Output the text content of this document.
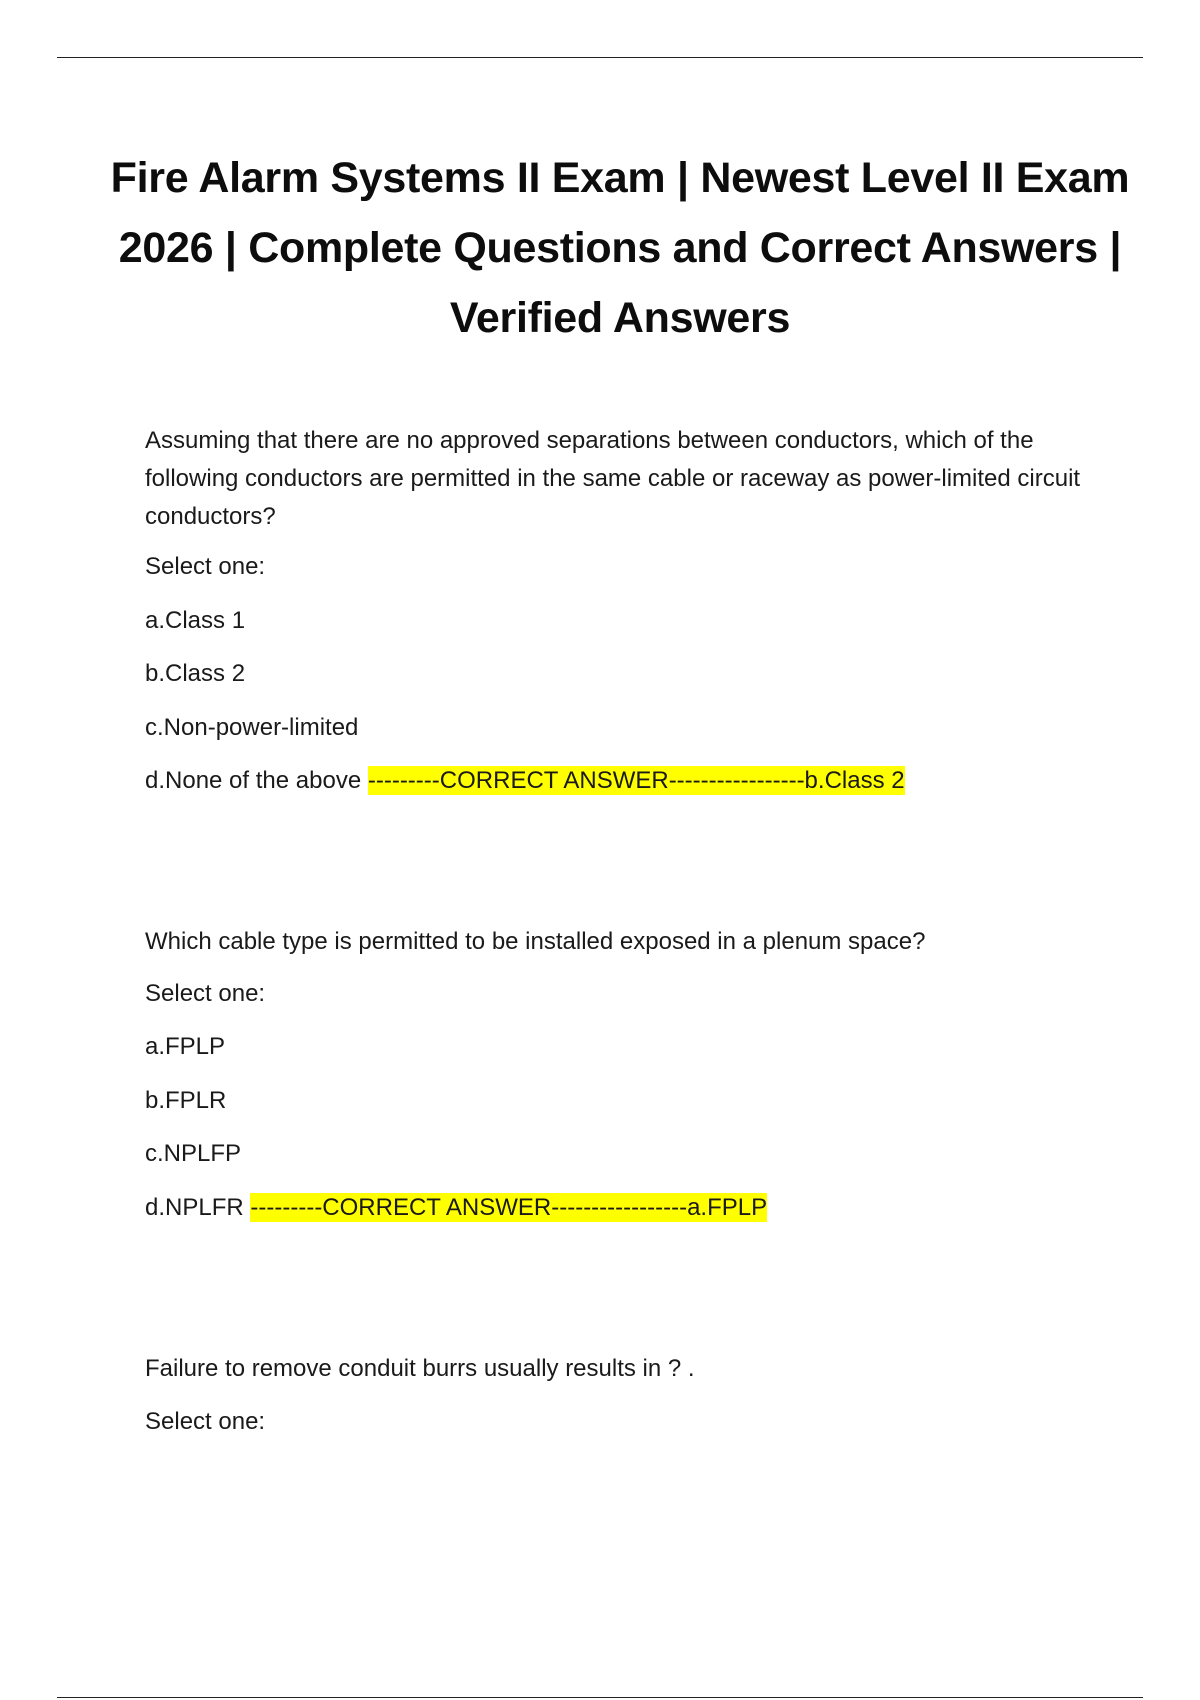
Fire Alarm Systems II Exam | Newest Level II Exam 2026 | Complete Questions and Correct Answers | Verified Answers

Assuming that there are no approved separations between conductors, which of the following conductors are permitted in the same cable or raceway as power-limited circuit conductors?

Select one:

a.Class 1

b.Class 2

c.Non-power-limited

d.None of the above ---------CORRECT ANSWER-----------------b.Class 2

Which cable type is permitted to be installed exposed in a plenum space?

Select one:

a.FPLP

b.FPLR

c.NPLFP

d.NPLFR ---------CORRECT ANSWER-----------------a.FPLP

Failure to remove conduit burrs usually results in ? .

Select one:
